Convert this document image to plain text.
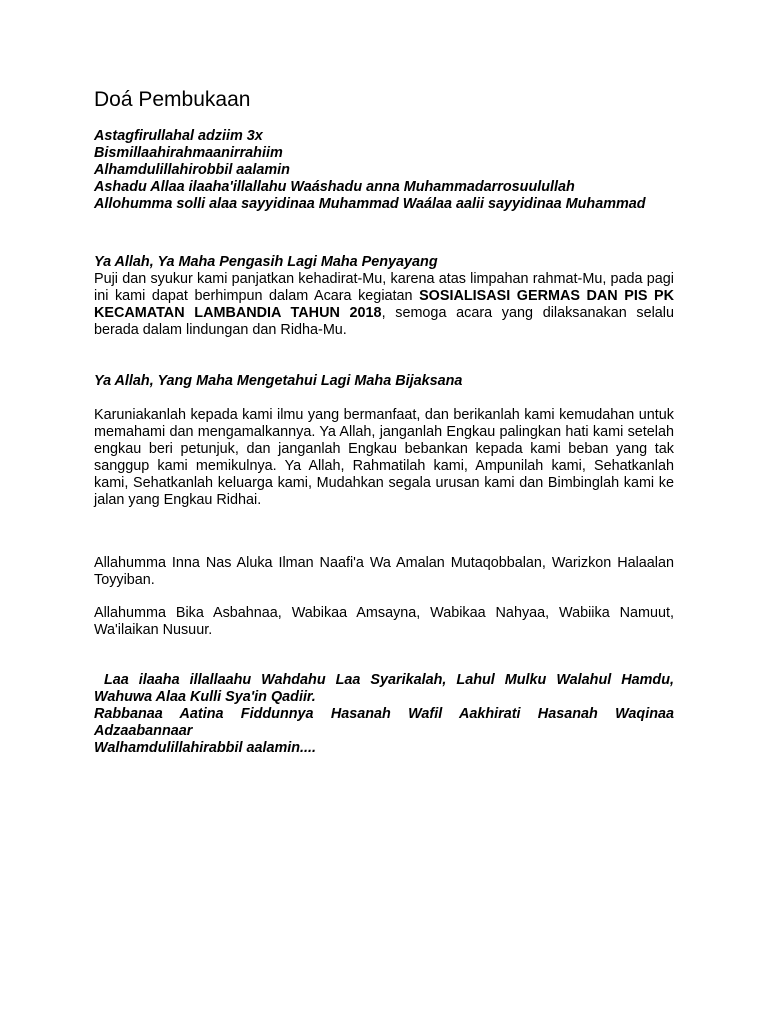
Doá Pembukaan
Astagfirullahal adziim 3x
Bismillaahirahmaanirrahiim
Alhamdulillahirobbil aalamin
Ashadu Allaa ilaaha'illallahu Waáshadu anna Muhammadarrosuulullah
Allohumma solli alaa sayyidinaa Muhammad Waálaa aalii sayyidinaa Muhammad

Ya Allah, Ya Maha Pengasih Lagi Maha Penyayang

Puji dan syukur kami panjatkan kehadirat-Mu, karena atas limpahan rahmat-Mu, pada pagi ini kami dapat berhimpun dalam Acara kegiatan SOSIALISASI GERMAS DAN PIS PK KECAMATAN LAMBANDIA TAHUN 2018, semoga acara yang dilaksanakan selalu berada dalam lindungan dan Ridha-Mu.

Ya Allah, Yang Maha Mengetahui Lagi Maha Bijaksana

Karuniakanlah kepada kami ilmu yang bermanfaat, dan berikanlah kami kemudahan untuk memahami dan mengamalkannya. Ya Allah, janganlah Engkau palingkan hati kami setelah engkau beri petunjuk, dan janganlah Engkau bebankan kepada kami beban yang tak sanggup kami memikulnya. Ya Allah, Rahmatilah kami, Ampunilah kami, Sehatkanlah kami, Sehatkanlah keluarga kami, Mudahkan segala urusan kami dan Bimbinglah kami ke jalan yang Engkau Ridhai.

Allahumma Inna Nas Aluka Ilman Naafi'a Wa Amalan Mutaqobbalan, Warizkon Halaalan Toyyiban.

Allahumma Bika Asbahnaa, Wabikaa Amsayna, Wabikaa Nahyaa, Wabiika Namuut, Wa'ilaikan Nusuur.

Laa ilaaha illallaahu Wahdahu Laa Syarikalah, Lahul Mulku Walahul Hamdu, Wahuwa Alaa Kulli Sya'in Qadiir.

Rabbanaa Aatina Fiddunnya Hasanah Wafil Aakhirati Hasanah Waqinaa Adzaabannaar

Walhamdulillahirabbil aalamin....
